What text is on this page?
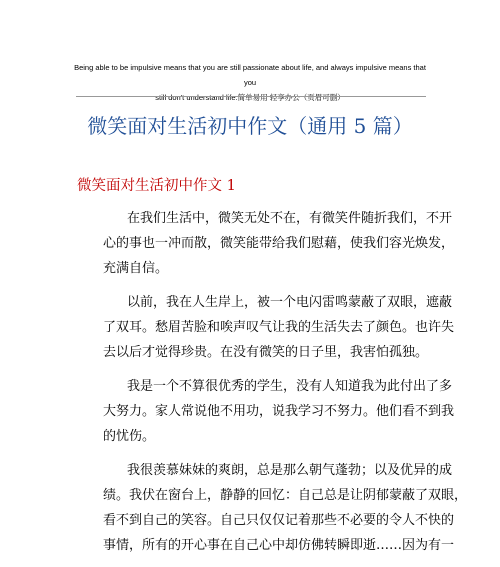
Being able to be impulsive means that you are still passionate about life, and always impulsive means that you
still don't understand life.简单易用 轻享办公（页眉可删）
微笑面对生活初中作文（通用 5 篇）
微笑面对生活初中作文 1
在我们生活中，微笑无处不在，有微笑件随折我们，不开
心的事也一冲而散，微笑能带给我们慰藉，使我们容光焕发，
充满自信。
以前，我在人生岸上，被一个电闪雷鸣蒙蔽了双眼，遮蔽
了双耳。愁眉苦脸和唉声叹气让我的生活失去了颜色。也许失
去以后才觉得珍贵。在没有微笑的日子里，我害怕孤独。
我是一个不算很优秀的学生，没有人知道我为此付出了多
大努力。家人常说他不用功，说我学习不努力。他们看不到我
的忧伤。
我很羡慕妹妹的爽朗，总是那么朝气蓬勃；以及优异的成
绩。我伏在窗台上，静静的回忆：自己总是让阴郁蒙蔽了双眼，
看不到自己的笑容。自己只仅仅记着那些不必要的令人不快的
事情，所有的开心事在自己心中却仿佛转瞬即逝……因为有一
